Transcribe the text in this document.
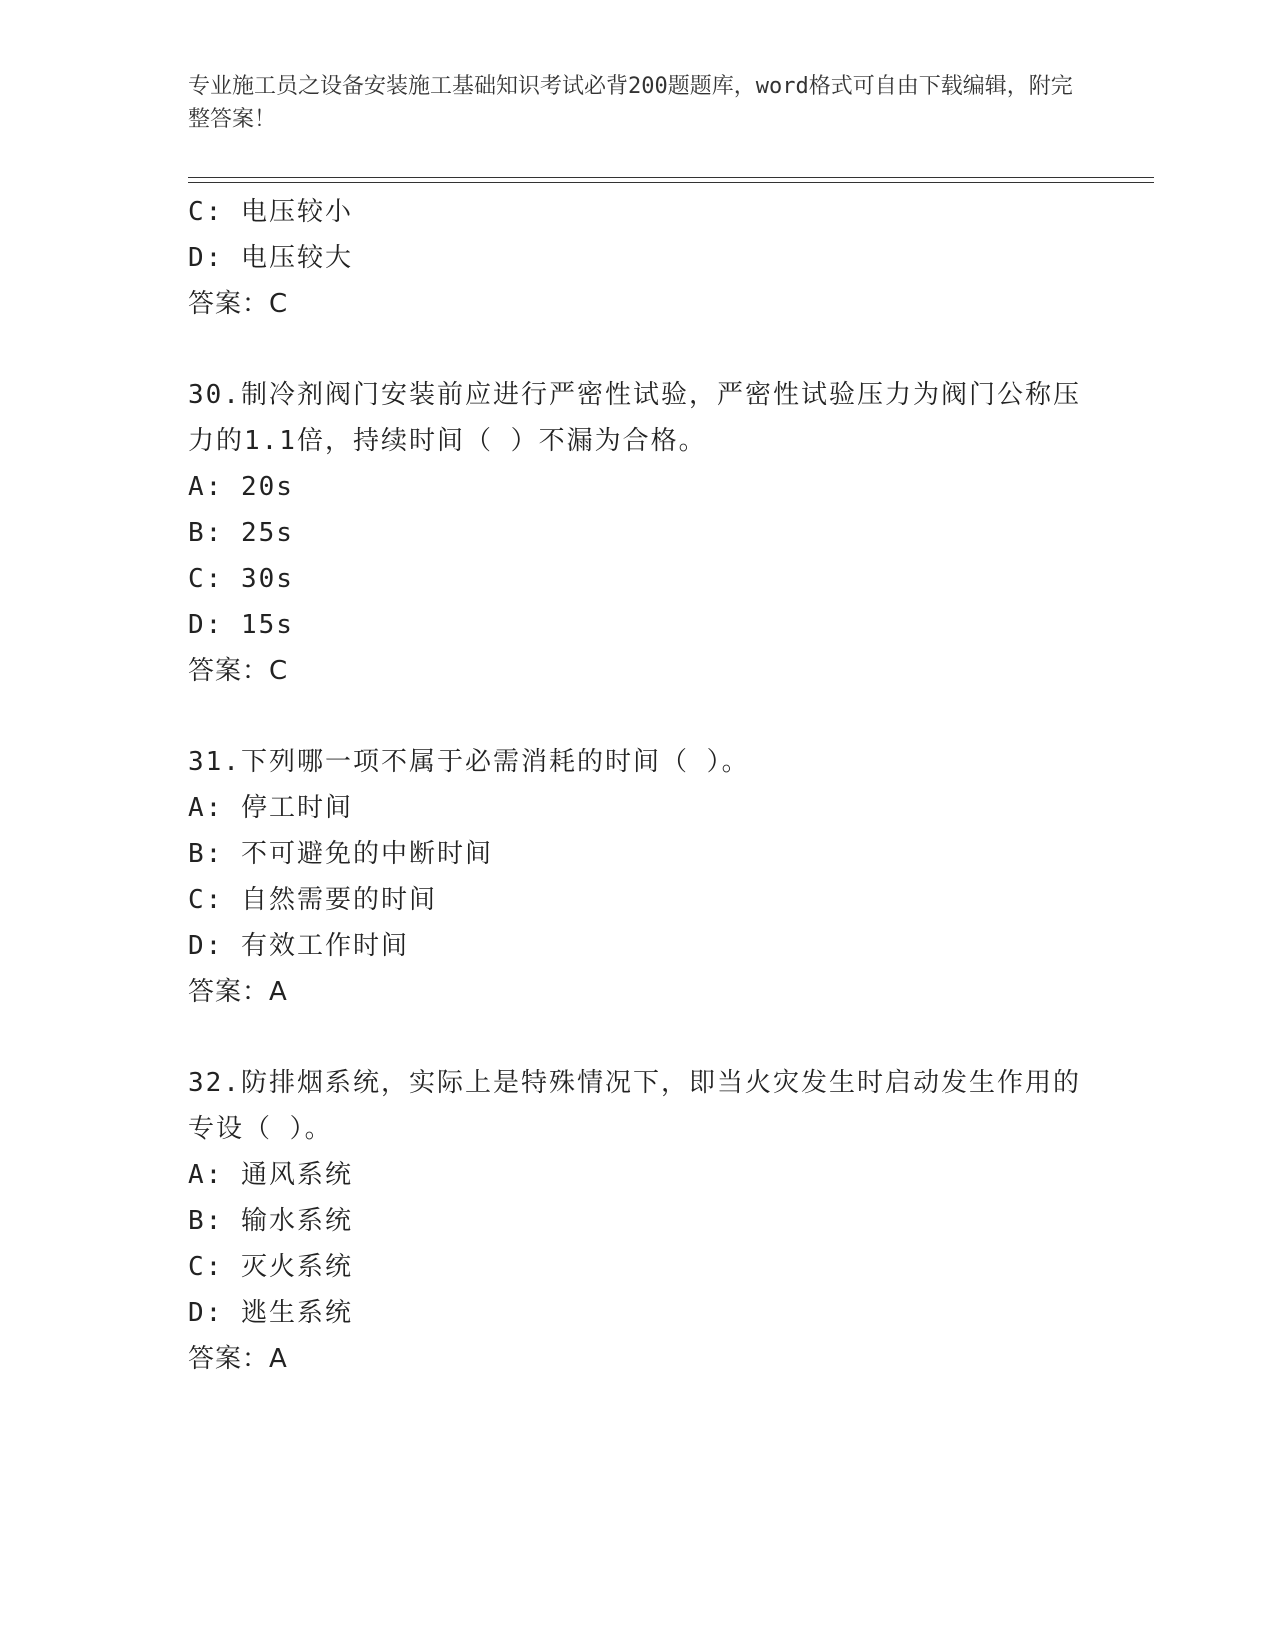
专业施工员之设备安装施工基础知识考试必背200题题库，word格式可自由下载编辑，附完整答案！

C: 电压较小
D: 电压较大
答案：C
30.制冷剂阀门安装前应进行严密性试验，严密性试验压力为阀门公称压力的1.1倍，持续时间（ ）不漏为合格。
A: 20s
B: 25s
C: 30s
D: 15s
答案：C
31.下列哪一项不属于必需消耗的时间（ ）。
A: 停工时间
B: 不可避免的中断时间
C: 自然需要的时间
D: 有效工作时间
答案：A
32.防排烟系统，实际上是特殊情况下，即当火灾发生时启动发生作用的专设（ ）。
A: 通风系统
B: 输水系统
C: 灭火系统
D: 逃生系统
答案：A
